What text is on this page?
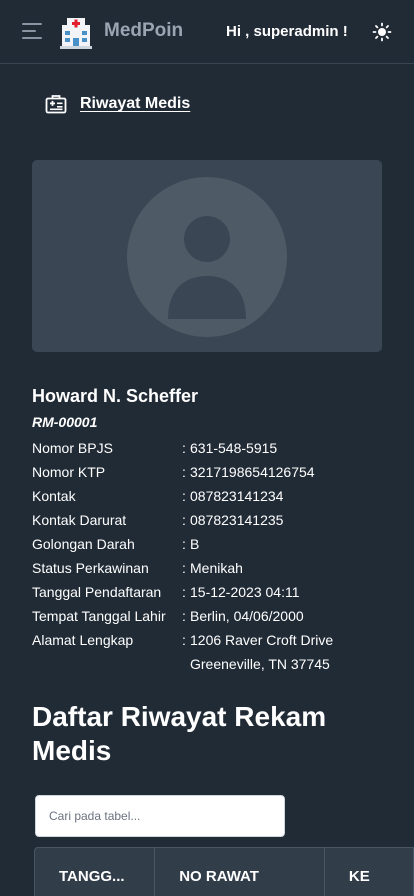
MedPoin	Hi , superadmin !
Riwayat Medis
Howard N. Scheffer
RM-00001
Nomor BPJS	: 631-548-5915
Nomor KTP	: 3217198654126754
Kontak	: 087823141234
Kontak Darurat	: 087823141235
Golongan Darah	: B
Status Perkawinan	: Menikah
Tanggal Pendaftaran	: 15-12-2023 04:11
Tempat Tanggal Lahir	: Berlin, 04/06/2000
Alamat Lengkap	: 1206 Raver Croft Drive
Greeneville, TN 37745
Daftar Riwayat Rekam Medis
Cari pada tabel...
TANGG...	NO RAWAT	KE
